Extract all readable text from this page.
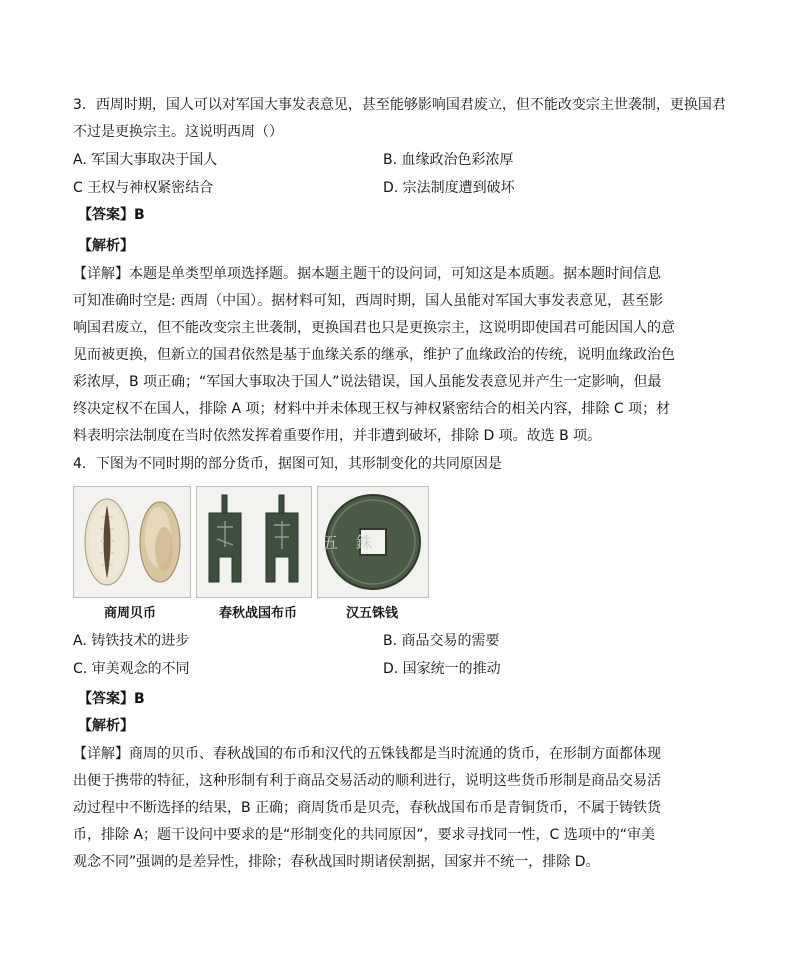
3．西周时期，国人可以对军国大事发表意见，甚至能够影响国君废立，但不能改变宗主世袭制，更换国君
不过是更换宗主。这说明西周（）
A. 军国大事取决于国人	B. 血缘政治色彩浓厚
C 王权与神权紧密结合	D. 宗法制度遭到破坏
【答案】B
【解析】
【详解】本题是单类型单项选择题。据本题主题干的设问词，可知这是本质题。据本题时间信息
可知准确时空是: 西周（中国）。据材料可知，西周时期，国人虽能对军国大事发表意见，甚至影
响国君废立，但不能改变宗主世袭制，更换国君也只是更换宗主，这说明即使国君可能因国人的意
见而被更换，但新立的国君依然是基于血缘关系的继承，维护了血缘政治的传统，说明血缘政治色
彩浓厚，B 项正确；“军国大事取决于国人”说法错误，国人虽能发表意见并产生一定影响，但最
终决定权不在国人，排除 A 项；材料中并未体现王权与神权紧密结合的相关内容，排除 C 项；材
料表明宗法制度在当时依然发挥着重要作用，并非遭到破坏，排除 D 项。故选 B 项。
4．下图为不同时期的部分货币，据图可知，其形制变化的共同原因是
商周贝币	春秋战国布币	汉五铢钱
五銖
A. 铸铁技术的进步	B. 商品交易的需要
C. 审美观念的不同	D. 国家统一的推动
【答案】B
【解析】
【详解】商周的贝币、春秋战国的布币和汉代的五铢钱都是当时流通的货币，在形制方面都体现
出便于携带的特征，这种形制有利于商品交易活动的顺利进行，说明这些货币形制是商品交易活
动过程中不断选择的结果，B 正确；商周货币是贝壳，春秋战国布币是青铜货币，不属于铸铁货
币，排除 A；题干设问中要求的是“形制变化的共同原因”，要求寻找同一性，C 选项中的“审美
观念不同”强调的是差异性，排除；春秋战国时期诸侯割据，国家并不统一，排除 D。
